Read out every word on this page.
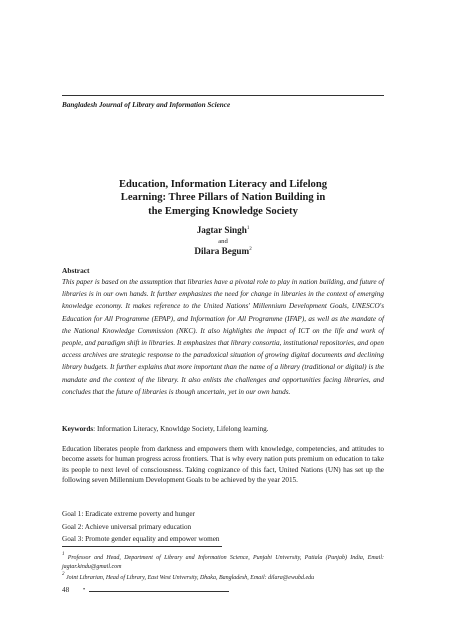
Bangladesh Journal of Library and Information Science
Education, Information Literacy and Lifelong
Learning: Three Pillars of Nation Building in
the Emerging Knowledge Society
Jagtar Singh$^1$
and
Dilara Begum$^2$
Abstract
This paper is based on the assumption that libraries have a pivotal role to play in nation building, and future of libraries is in our own hands. It further emphasizes the need for change in libraries in the context of emerging knowledge economy. It makes reference to the United Nations' Millennium Development Goals, UNESCO's Education for All Programme (EPAP), and Information for All Programme (IFAP), as well as the mandate of the National Knowledge Commission (NKC). It also highlights the impact of ICT on the life and work of people, and paradigm shift in libraries. It emphasizes that library consortia, institutional repositories, and open access archives are strategic response to the paradoxical situation of growing digital documents and declining library budgets. It further explains that more important than the name of a library (traditional or digital) is the mandate and the context of the library. It also enlists the challenges and opportunities facing libraries, and concludes that the future of libraries is though uncertain, yet in our own hands.
Keywords: Information Literacy, Knowldge Society, Lifelong learning.
Education liberates people from darkness and empowers them with knowledge, competencies, and attitudes to become assets for human progress across frontiers. That is why every nation puts premium on education to take its people to next level of consciousness. Taking cognizance of this fact, United Nations (UN) has set up the following seven Millennium Development Goals to be achieved by the year 2015.
Goal 1: Eradicate extreme poverty and hunger
Goal 2: Achieve universal primary education
Goal 3: Promote gender equality and empower women
$^1$ Professor and Head, Department of Library and Information Science, Punjabi University, Patiala (Punjab) India, Email: jagtar.kindu@gmail.com
$^2$ Joint Librarian, Head of Library, East West University, Dhaka, Bangladesh, Email: dilara@ewubd.edu
48 •
